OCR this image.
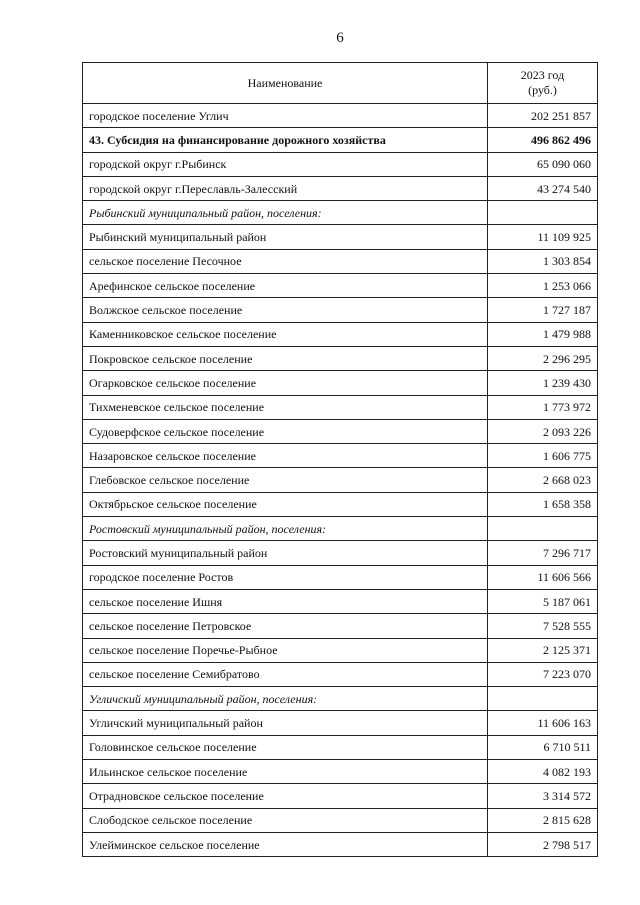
6
Наименование	2023 год
(руб.)

городское поселение Углич	202 251 857
43. Субсидия на финансирование дорожного хозяйства	496 862 496
городской округ г.Рыбинск	65 090 060
городской округ г.Переславль-Залесский	43 274 540
Рыбинский муниципальный район, поселения:	
Рыбинский муниципальный район	11 109 925
сельское поселение Песочное	1 303 854
Арефинское сельское поселение	1 253 066
Волжское сельское поселение	1 727 187
Каменниковское сельское поселение	1 479 988
Покровское сельское поселение	2 296 295
Огарковское сельское поселение	1 239 430
Тихменевское сельское поселение	1 773 972
Судоверфское сельское поселение	2 093 226
Назаровское сельское поселение	1 606 775
Глебовское сельское поселение	2 668 023
Октябрьское сельское поселение	1 658 358
Ростовский муниципальный район, поселения:	
Ростовский муниципальный район	7 296 717
городское поселение Ростов	11 606 566
сельское поселение Ишня	5 187 061
сельское поселение Петровское	7 528 555
сельское поселение Поречье-Рыбное	2 125 371
сельское поселение Семибратово	7 223 070
Угличский муниципальный район, поселения:	
Угличский муниципальный район	11 606 163
Головинское сельское поселение	6 710 511
Ильинское сельское поселение	4 082 193
Отрадновское сельское поселение	3 314 572
Слободское сельское поселение	2 815 628
Улейминское сельское поселение	2 798 517
